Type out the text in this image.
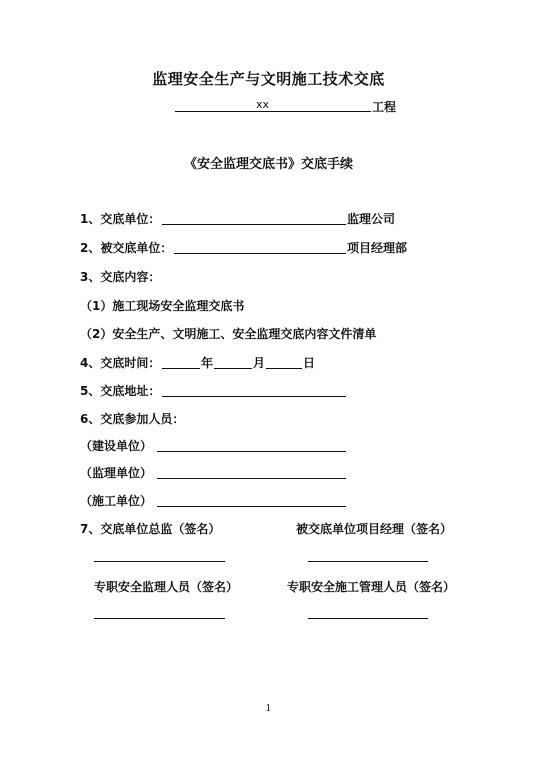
监理安全生产与文明施工技术交底
xx	工程
《安全监理交底书》交底手续
1、交底单位：	监理公司
2、被交底单位：	项目经理部
3、交底内容：
（1）施工现场安全监理交底书
（2）安全生产、文明施工、安全监理交底内容文件清单
4、交底时间：	年	月	日
5、交底地址：
6、交底参加人员：
（建设单位）
（监理单位）
（施工单位）
7、交底单位总监（签名）	被交底单位项目经理（签名）
专职安全监理人员（签名）	专职安全施工管理人员（签名）
1
